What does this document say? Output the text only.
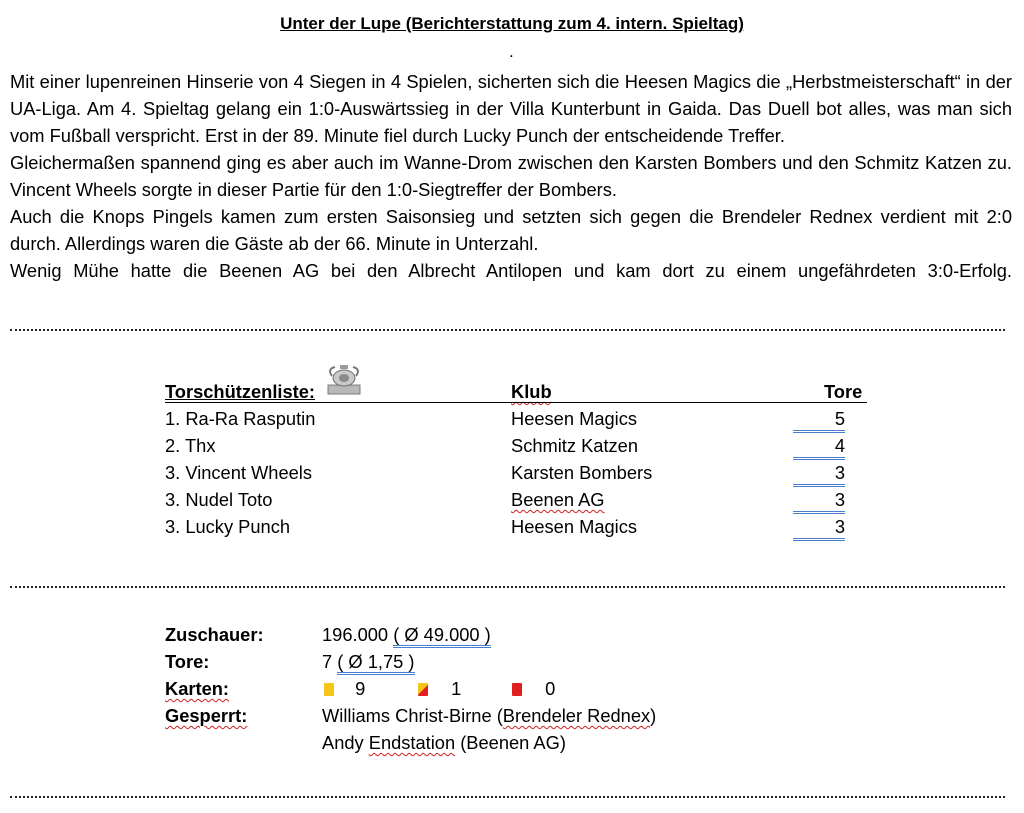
Unter der Lupe (Berichterstattung zum 4. intern. Spieltag)
.

Mit einer lupenreinen Hinserie von 4 Siegen in 4 Spielen, sicherten sich die Heesen Magics die „Herbstmeisterschaft“ in der UA-Liga. Am 4. Spieltag gelang ein 1:0-Auswärtssieg in der Villa Kunterbunt in Gaida. Das Duell bot alles, was man sich vom Fußball verspricht. Erst in der 89. Minute fiel durch Lucky Punch der entscheidende Treffer.

Gleichermaßen spannend ging es aber auch im Wanne-Drom zwischen den Karsten Bombers und den Schmitz Katzen zu. Vincent Wheels sorgte in dieser Partie für den 1:0-Siegtreffer der Bombers.

Auch die Knops Pingels kamen zum ersten Saisonsieg und setzten sich gegen die Brendeler Rednex verdient mit 2:0 durch. Allerdings waren die Gäste ab der 66. Minute in Unterzahl.

Wenig Mühe hatte die Beenen AG bei den Albrecht Antilopen und kam dort zu einem ungefährdeten 3:0-Erfolg.

Torschützenliste:	Klub	Tore
1. Ra-Ra Rasputin	Heesen Magics	5
2. Thx	Schmitz Katzen	4
3. Vincent Wheels	Karsten Bombers	3
3. Nudel Toto	Beenen AG	3
3. Lucky Punch	Heesen Magics	3
Zuschauer:	196.000 ( Ø 49.000 )
Tore:	7 ( Ø 1,75 )
Karten:	9	1	0
Gesperrt:	Williams Christ-Birne (Brendeler Rednex)
Andy Endstation (Beenen AG)
